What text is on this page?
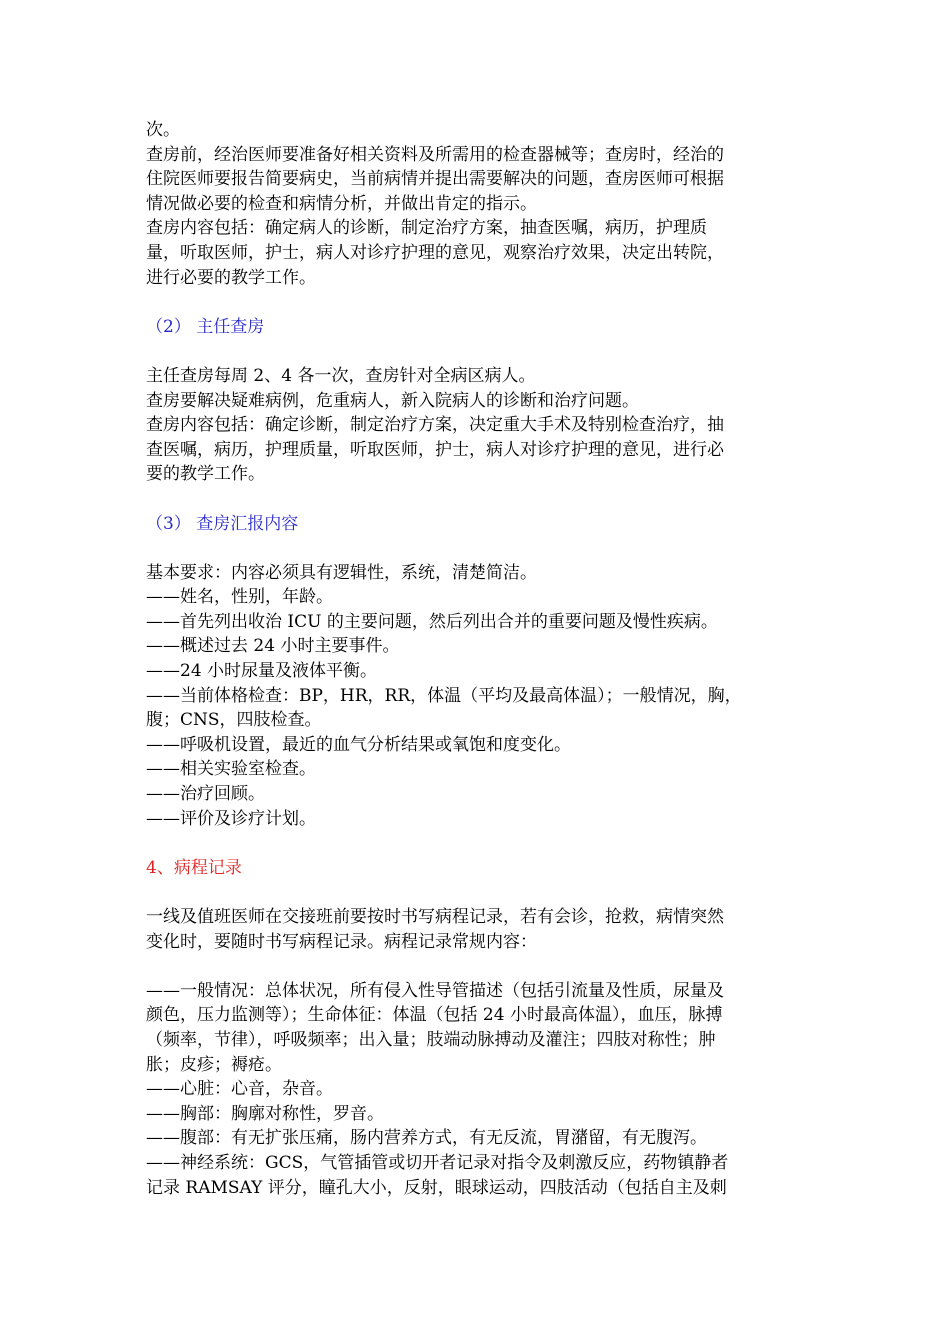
次。

查房前，经治医师要准备好相关资料及所需用的检查器械等；查房时，经治的

住院医师要报告简要病史，当前病情并提出需要解决的问题，查房医师可根据

情况做必要的检查和病情分析，并做出肯定的指示。

查房内容包括：确定病人的诊断，制定治疗方案，抽查医嘱，病历，护理质

量，听取医师，护士，病人对诊疗护理的意见，观察治疗效果，决定出转院，

进行必要的教学工作。

（2） 主任查房

主任查房每周 2、4 各一次，查房针对全病区病人。

查房要解决疑难病例，危重病人，新入院病人的诊断和治疗问题。

查房内容包括：确定诊断，制定治疗方案，决定重大手术及特别检查治疗，抽

查医嘱，病历，护理质量，听取医师，护士，病人对诊疗护理的意见，进行必

要的教学工作。

（3） 查房汇报内容

基本要求：内容必须具有逻辑性，系统，清楚简洁。

——姓名，性别，年龄。

——首先列出收治 ICU 的主要问题，然后列出合并的重要问题及慢性疾病。

——概述过去 24 小时主要事件。

——24 小时尿量及液体平衡。

——当前体格检查：BP，HR，RR，体温（平均及最高体温）；一般情况，胸，

腹；CNS，四肢检查。

——呼吸机设置，最近的血气分析结果或氧饱和度变化。

——相关实验室检查。

——治疗回顾。

——评价及诊疗计划。

4、病程记录

一线及值班医师在交接班前要按时书写病程记录，若有会诊，抢救，病情突然

变化时，要随时书写病程记录。病程记录常规内容：

——一般情况：总体状况，所有侵入性导管描述（包括引流量及性质，尿量及

颜色，压力监测等）；生命体征：体温（包括 24 小时最高体温），血压，脉搏

（频率，节律），呼吸频率；出入量；肢端动脉搏动及灌注；四肢对称性；肿

胀；皮疹；褥疮。

——心脏：心音，杂音。

——胸部：胸廓对称性，罗音。

——腹部：有无扩张压痛，肠内营养方式，有无反流，胃潴留，有无腹泻。

——神经系统：GCS，气管插管或切开者记录对指令及刺激反应，药物镇静者

记录 RAMSAY 评分，瞳孔大小，反射，眼球运动，四肢活动（包括自主及刺
